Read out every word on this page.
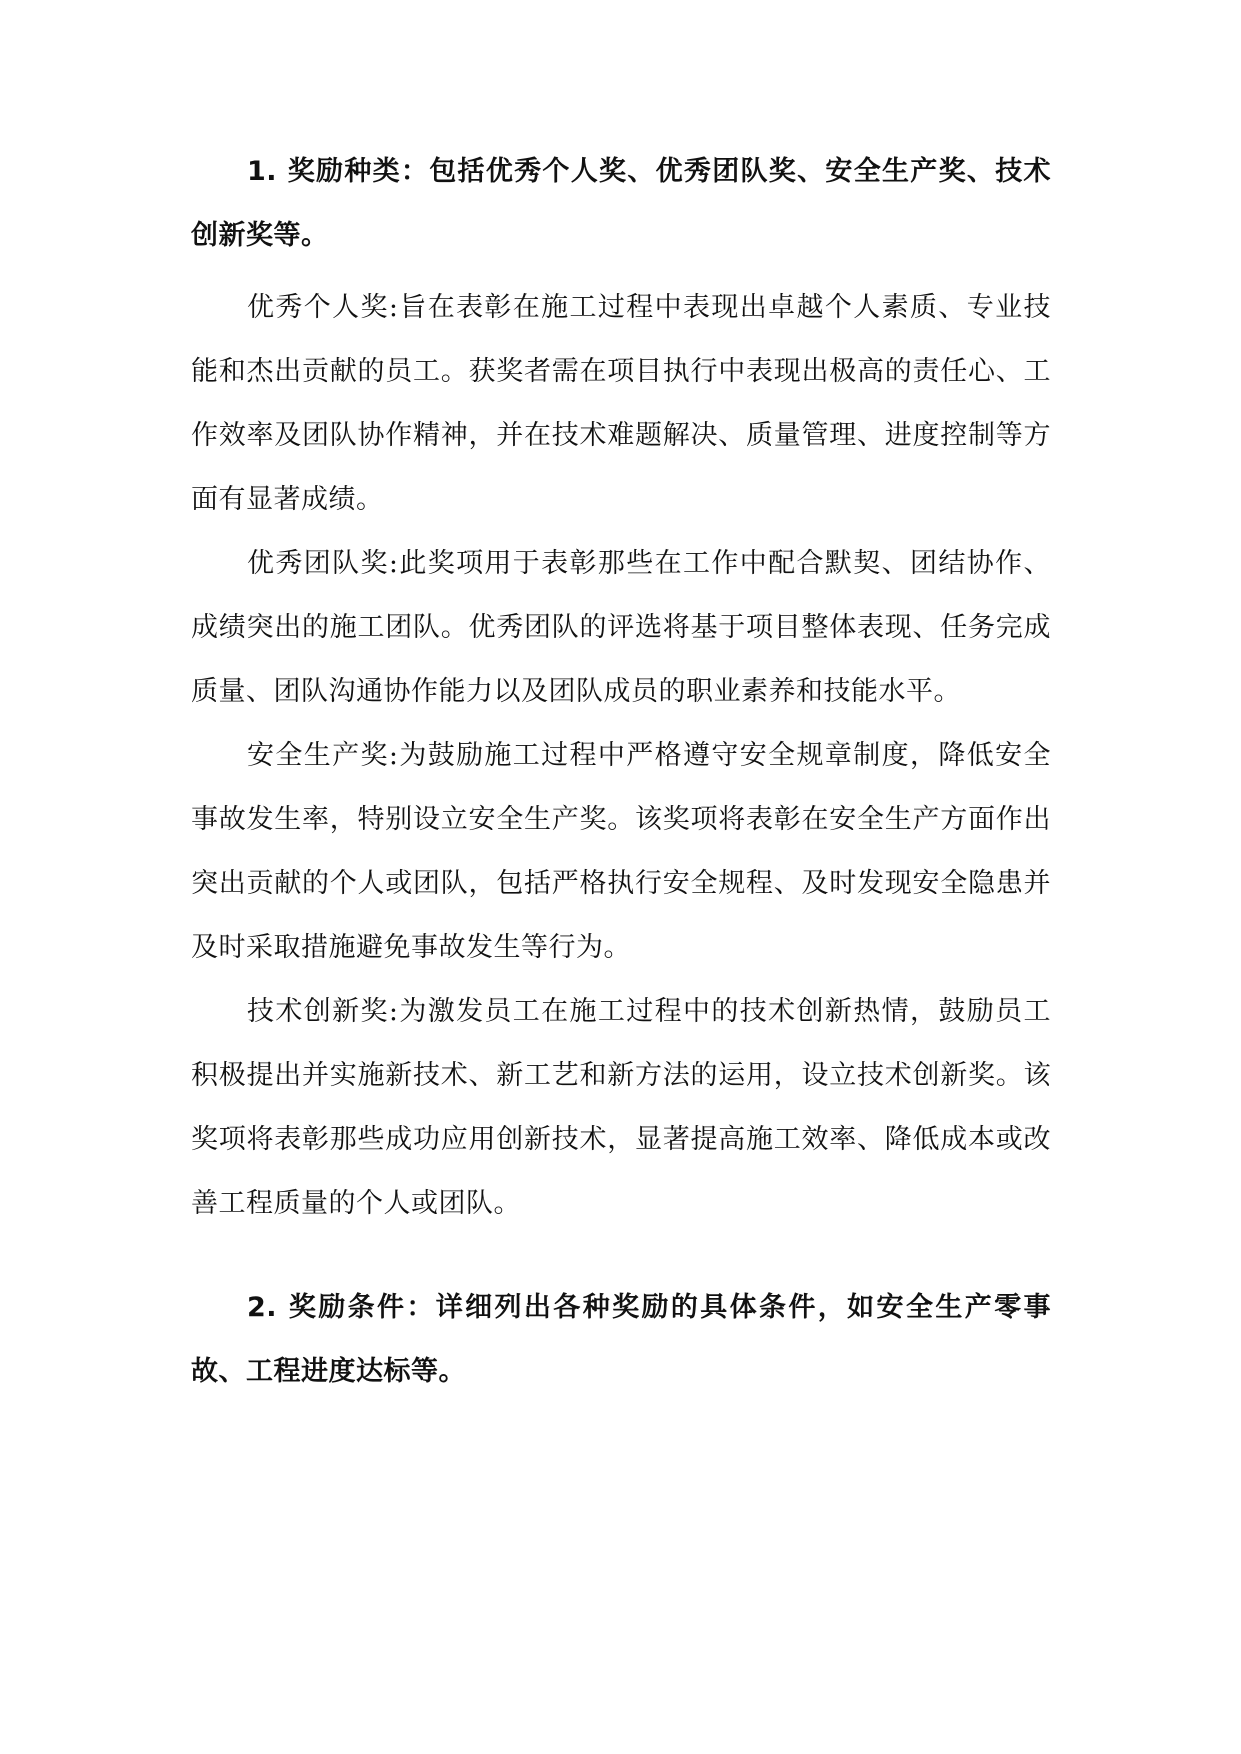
1. 奖励种类：包括优秀个人奖、优秀团队奖、安全生产奖、技术创新奖等。

优秀个人奖:旨在表彰在施工过程中表现出卓越个人素质、专业技能和杰出贡献的员工。获奖者需在项目执行中表现出极高的责任心、工作效率及团队协作精神，并在技术难题解决、质量管理、进度控制等方面有显著成绩。

优秀团队奖:此奖项用于表彰那些在工作中配合默契、团结协作、成绩突出的施工团队。优秀团队的评选将基于项目整体表现、任务完成质量、团队沟通协作能力以及团队成员的职业素养和技能水平。

安全生产奖:为鼓励施工过程中严格遵守安全规章制度，降低安全事故发生率，特别设立安全生产奖。该奖项将表彰在安全生产方面作出突出贡献的个人或团队，包括严格执行安全规程、及时发现安全隐患并及时采取措施避免事故发生等行为。

技术创新奖:为激发员工在施工过程中的技术创新热情，鼓励员工积极提出并实施新技术、新工艺和新方法的运用，设立技术创新奖。该奖项将表彰那些成功应用创新技术，显著提高施工效率、降低成本或改善工程质量的个人或团队。

2. 奖励条件：详细列出各种奖励的具体条件，如安全生产零事故、工程进度达标等。
